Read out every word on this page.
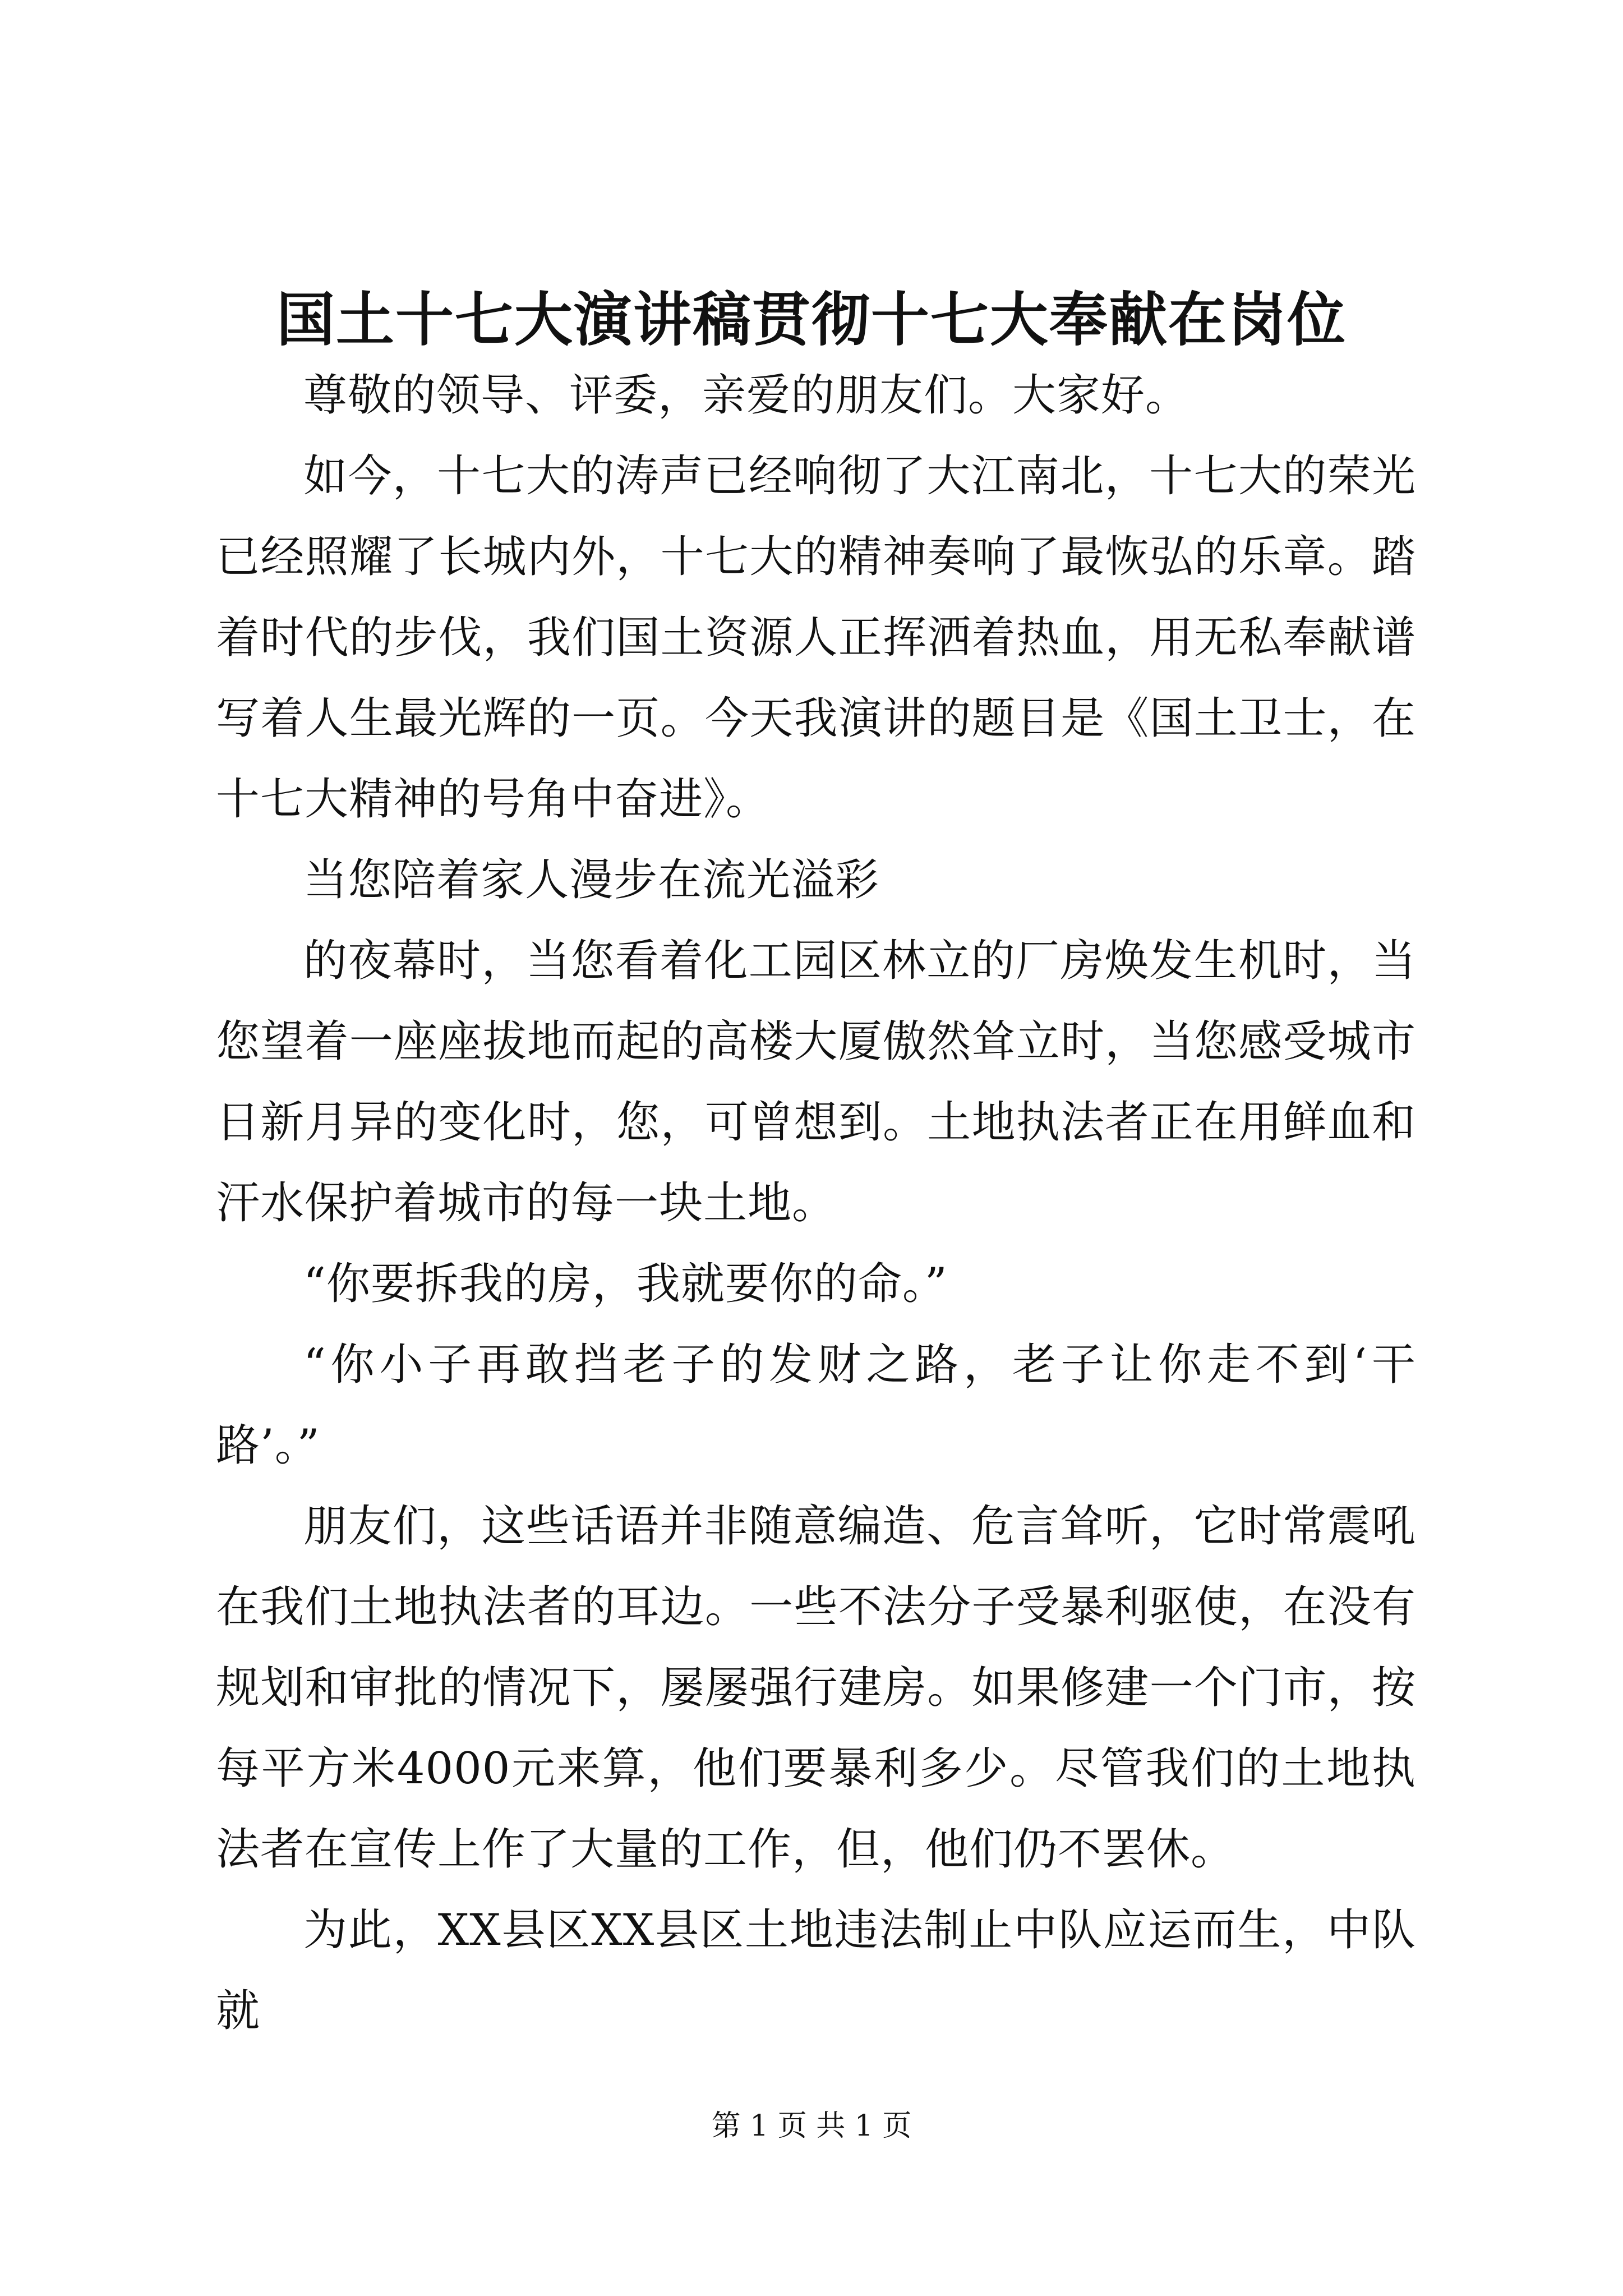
国土十七大演讲稿贯彻十七大奉献在岗位

尊敬的领导、评委，亲爱的朋友们。大家好。

如今，十七大的涛声已经响彻了大江南北，十七大的荣光已经照耀了长城内外，十七大的精神奏响了最恢弘的乐章。踏着时代的步伐，我们国土资源人正挥洒着热血，用无私奉献谱写着人生最光辉的一页。今天我演讲的题目是《国土卫士，在十七大精神的号角中奋进》。

当您陪着家人漫步在流光溢彩

的夜幕时，当您看着化工园区林立的厂房焕发生机时，当您望着一座座拔地而起的高楼大厦傲然耸立时，当您感受城市日新月异的变化时，您，可曾想到。土地执法者正在用鲜血和汗水保护着城市的每一块土地。

“你要拆我的房，我就要你的命。”

“你小子再敢挡老子的发财之路，老子让你走不到‘干路’。”

朋友们，这些话语并非随意编造、危言耸听，它时常震吼在我们土地执法者的耳边。一些不法分子受暴利驱使，在没有规划和审批的情况下，屡屡强行建房。如果修建一个门市，按每平方米4000元来算，他们要暴利多少。尽管我们的土地执法者在宣传上作了大量的工作，但，他们仍不罢休。

为此，XX县区XX县区土地违法制止中队应运而生，中队就

第 1 页 共 1 页
